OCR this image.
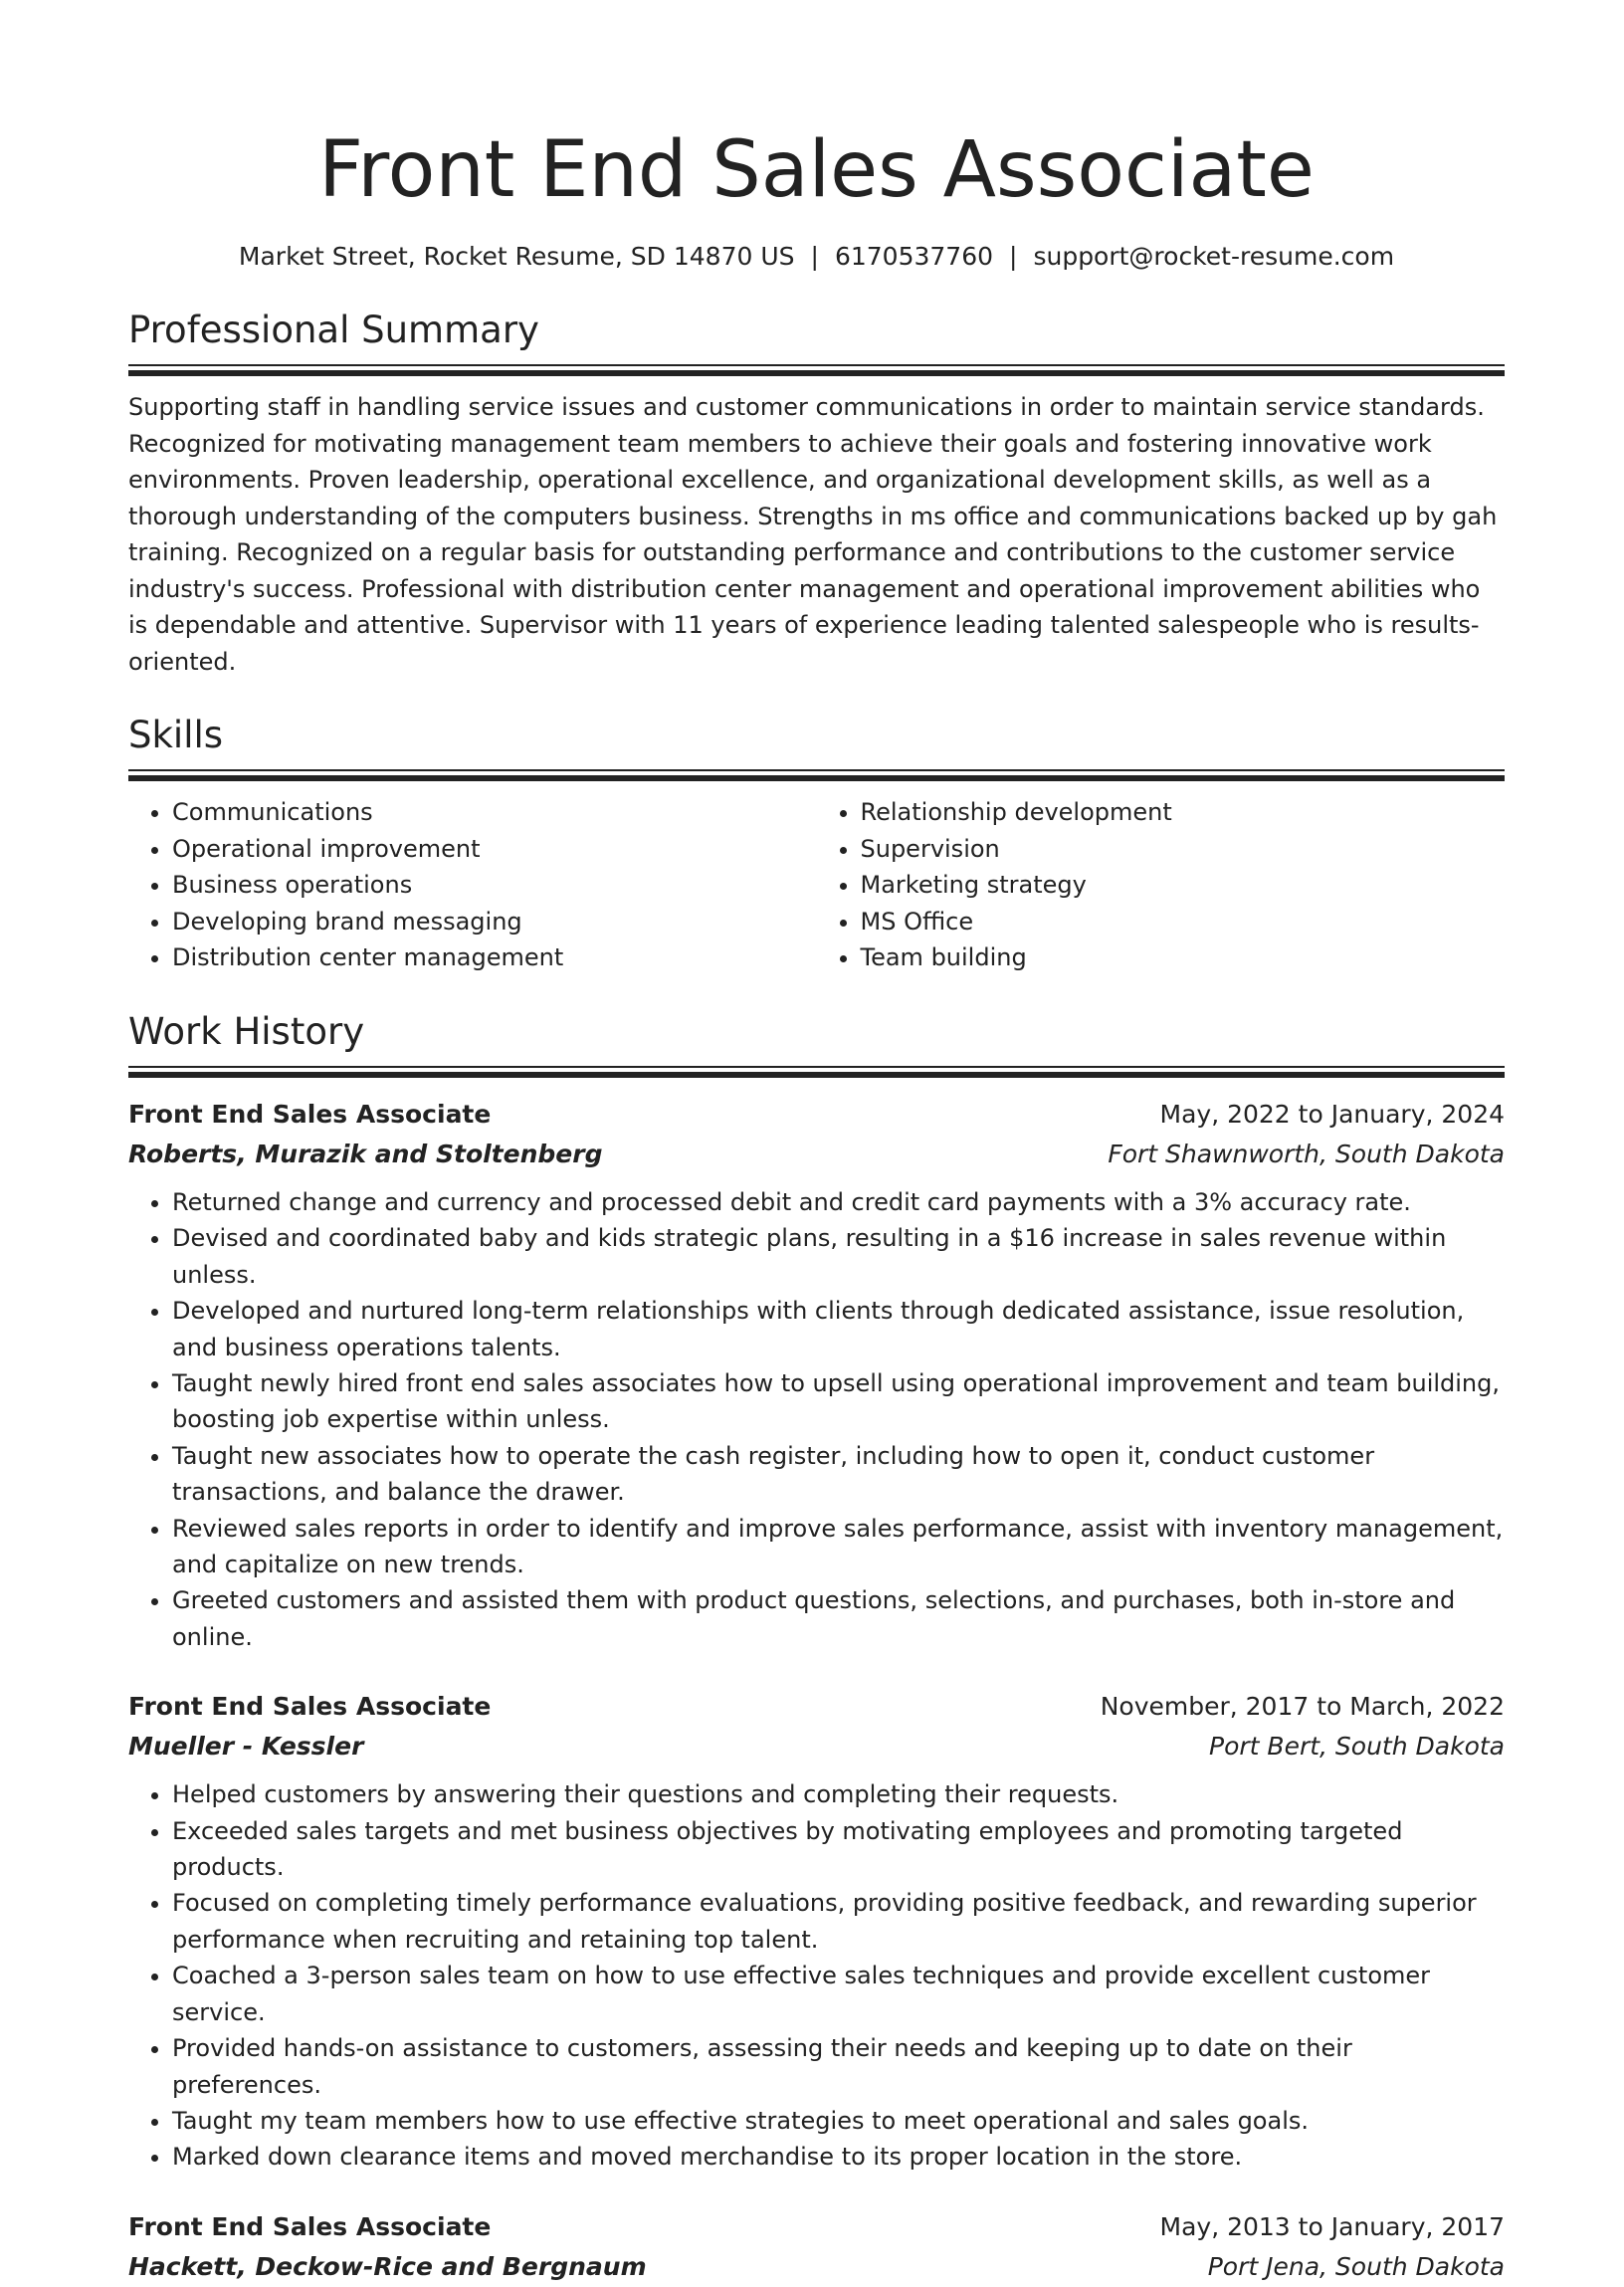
Front End Sales Associate
Market Street, Rocket Resume, SD 14870 US | 6170537760 | support@rocket-resume.com
Professional Summary
Supporting staff in handling service issues and customer communications in order to maintain service standards. Recognized for motivating management team members to achieve their goals and fostering innovative work environments. Proven leadership, operational excellence, and organizational development skills, as well as a thorough understanding of the computers business. Strengths in ms office and communications backed up by gah training. Recognized on a regular basis for outstanding performance and contributions to the customer service industry's success. Professional with distribution center management and operational improvement abilities who is dependable and attentive. Supervisor with 11 years of experience leading talented salespeople who is results-oriented.
Skills
• Communications
• Operational improvement
• Business operations
• Developing brand messaging
• Distribution center management
• Relationship development
• Supervision
• Marketing strategy
• MS Office
• Team building
Work History
Front End Sales Associate	May, 2022 to January, 2024
Roberts, Murazik and Stoltenberg	Fort Shawnworth, South Dakota
• Returned change and currency and processed debit and credit card payments with a 3% accuracy rate.
• Devised and coordinated baby and kids strategic plans, resulting in a $16 increase in sales revenue within unless.
• Developed and nurtured long-term relationships with clients through dedicated assistance, issue resolution, and business operations talents.
• Taught newly hired front end sales associates how to upsell using operational improvement and team building, boosting job expertise within unless.
• Taught new associates how to operate the cash register, including how to open it, conduct customer transactions, and balance the drawer.
• Reviewed sales reports in order to identify and improve sales performance, assist with inventory management, and capitalize on new trends.
• Greeted customers and assisted them with product questions, selections, and purchases, both in-store and online.
Front End Sales Associate	November, 2017 to March, 2022
Mueller - Kessler	Port Bert, South Dakota
• Helped customers by answering their questions and completing their requests.
• Exceeded sales targets and met business objectives by motivating employees and promoting targeted products.
• Focused on completing timely performance evaluations, providing positive feedback, and rewarding superior performance when recruiting and retaining top talent.
• Coached a 3-person sales team on how to use effective sales techniques and provide excellent customer service.
• Provided hands-on assistance to customers, assessing their needs and keeping up to date on their preferences.
• Taught my team members how to use effective strategies to meet operational and sales goals.
• Marked down clearance items and moved merchandise to its proper location in the store.
Front End Sales Associate	May, 2013 to January, 2017
Hackett, Deckow-Rice and Bergnaum	Port Jena, South Dakota
